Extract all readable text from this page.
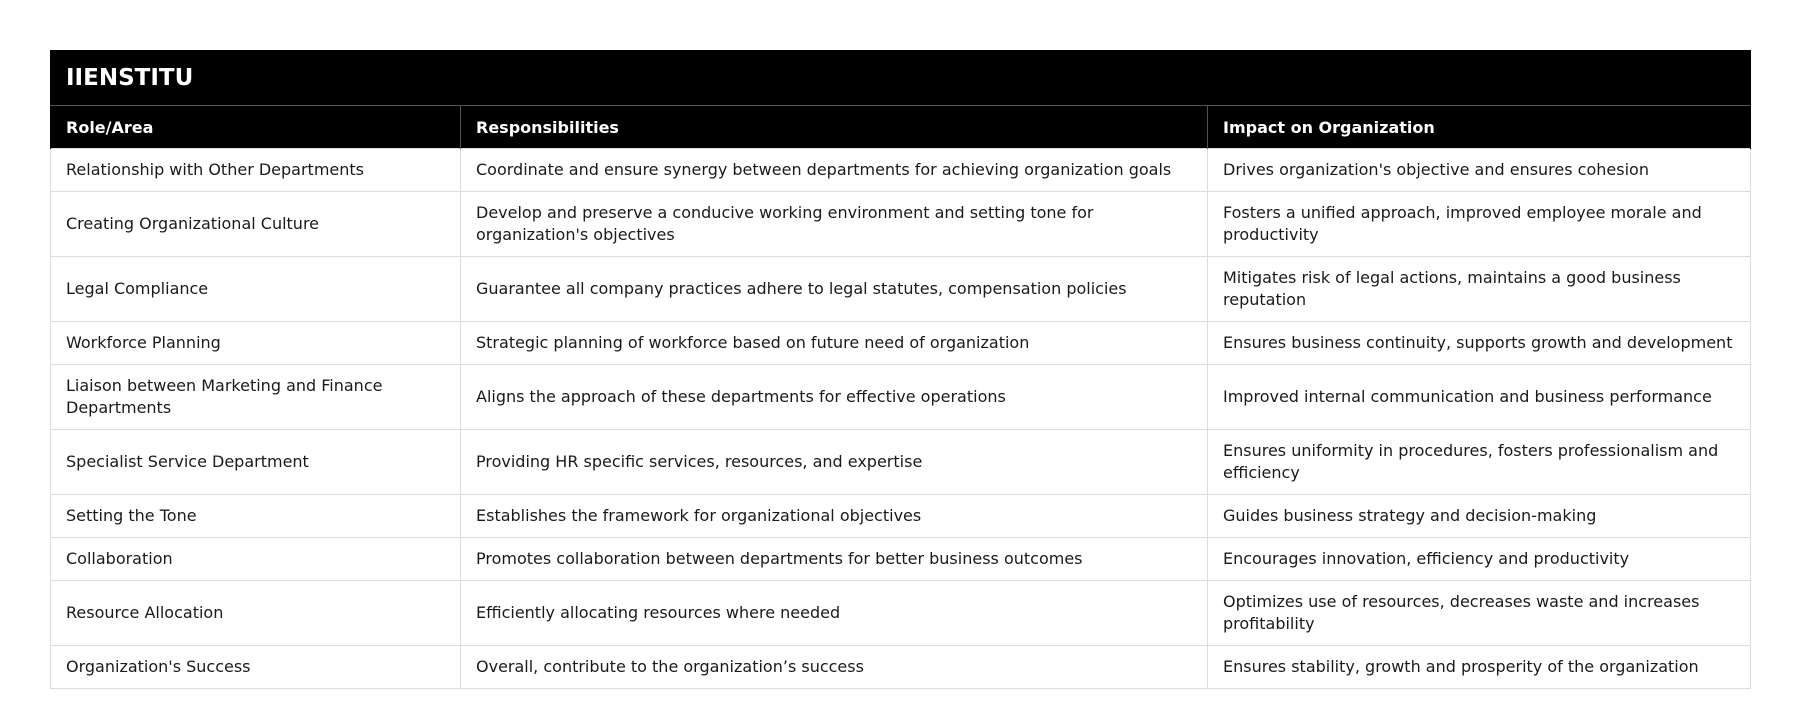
IIENSTITU		
Role/Area	Responsibilities	Impact on Organization
Relationship with Other Departments	Coordinate and ensure synergy between departments for achieving organization goals	Drives organization's objective and ensures cohesion
Creating Organizational Culture	Develop and preserve a conducive working environment and setting tone for organization's objectives	Fosters a unified approach, improved employee morale and productivity
Legal Compliance	Guarantee all company practices adhere to legal statutes, compensation policies	Mitigates risk of legal actions, maintains a good business reputation
Workforce Planning	Strategic planning of workforce based on future need of organization	Ensures business continuity, supports growth and development
Liaison between Marketing and Finance Departments	Aligns the approach of these departments for effective operations	Improved internal communication and business performance
Specialist Service Department	Providing HR specific services, resources, and expertise	Ensures uniformity in procedures, fosters professionalism and efficiency
Setting the Tone	Establishes the framework for organizational objectives	Guides business strategy and decision-making
Collaboration	Promotes collaboration between departments for better business outcomes	Encourages innovation, efficiency and productivity
Resource Allocation	Efficiently allocating resources where needed	Optimizes use of resources, decreases waste and increases profitability
Organization's Success	Overall, contribute to the organization’s success	Ensures stability, growth and prosperity of the organization
